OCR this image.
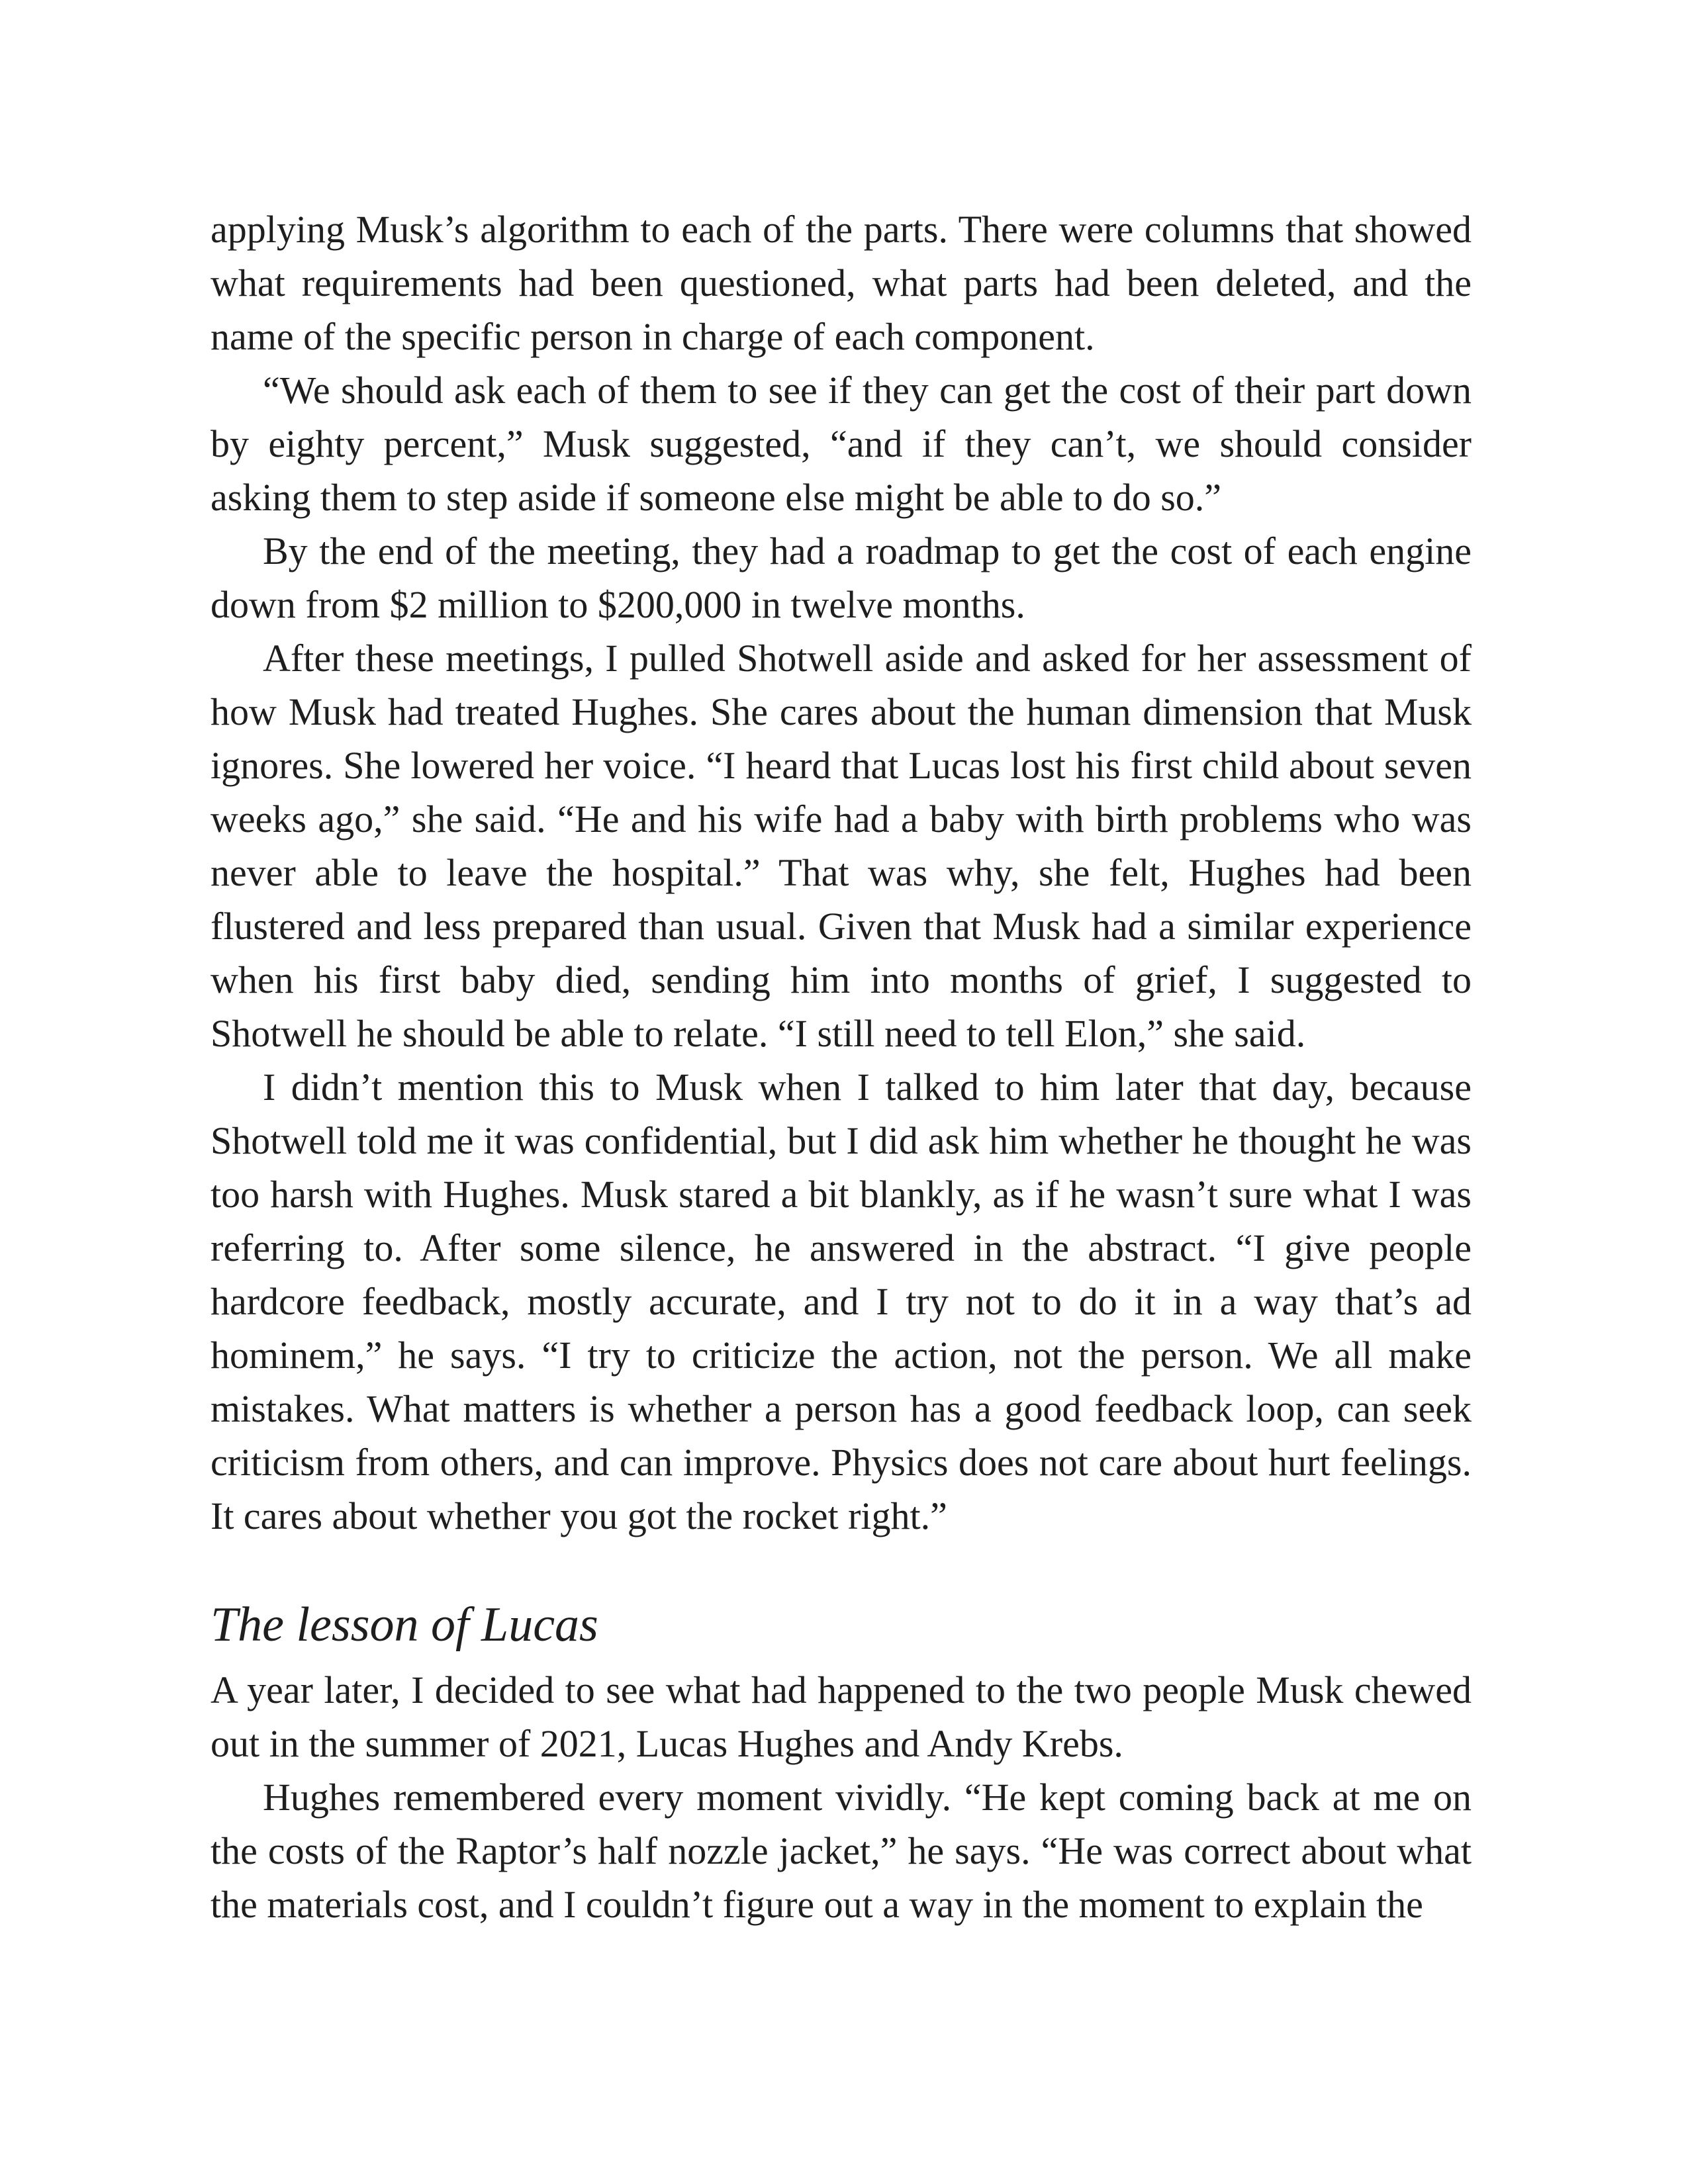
applying Musk’s algorithm to each of the parts. There were columns that showed what requirements had been questioned, what parts had been deleted, and the name of the specific person in charge of each component.

“We should ask each of them to see if they can get the cost of their part down by eighty percent,” Musk suggested, “and if they can’t, we should consider asking them to step aside if someone else might be able to do so.”

By the end of the meeting, they had a roadmap to get the cost of each engine down from $2 million to $200,000 in twelve months.

After these meetings, I pulled Shotwell aside and asked for her assessment of how Musk had treated Hughes. She cares about the human dimension that Musk ignores. She lowered her voice. “I heard that Lucas lost his first child about seven weeks ago,” she said. “He and his wife had a baby with birth problems who was never able to leave the hospital.” That was why, she felt, Hughes had been flustered and less prepared than usual. Given that Musk had a similar experience when his first baby died, sending him into months of grief, I suggested to Shotwell he should be able to relate. “I still need to tell Elon,” she said.

I didn’t mention this to Musk when I talked to him later that day, because Shotwell told me it was confidential, but I did ask him whether he thought he was too harsh with Hughes. Musk stared a bit blankly, as if he wasn’t sure what I was referring to. After some silence, he answered in the abstract. “I give people hardcore feedback, mostly accurate, and I try not to do it in a way that’s ad hominem,” he says. “I try to criticize the action, not the person. We all make mistakes. What matters is whether a person has a good feedback loop, can seek criticism from others, and can improve. Physics does not care about hurt feelings. It cares about whether you got the rocket right.”

The lesson of Lucas

A year later, I decided to see what had happened to the two people Musk chewed out in the summer of 2021, Lucas Hughes and Andy Krebs.

Hughes remembered every moment vividly. “He kept coming back at me on the costs of the Raptor’s half nozzle jacket,” he says. “He was correct about what the materials cost, and I couldn’t figure out a way in the moment to explain the
